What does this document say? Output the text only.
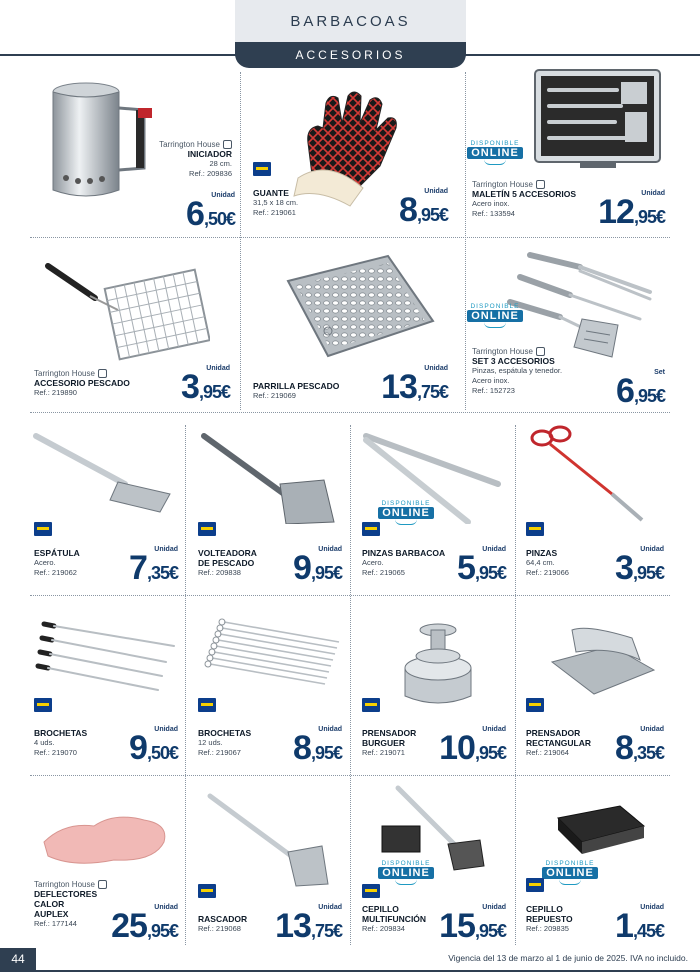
BARBACOAS
ACCESORIOS
Tarrington House
INICIADOR
28 cm.
Ref.: 209836
Unidad
6,50€
GUANTE
31,5 x 18 cm.
Ref.: 219061
Unidad
8,95€
DISPONIBLE
ONLINE
Tarrington House
MALETÍN 5 ACCESORIOS
Acero inox.
Ref.: 133594
Unidad
12,95€
Tarrington House
ACCESORIO PESCADO
Ref.: 219890
Unidad
3,95€	PARRILLA PESCADO
Ref.: 219069
Unidad
13,75€
DISPONIBLE
ONLINE
Tarrington House
SET 3 ACCESORIOS
Pinzas, espátula y tenedor.
Acero inox.
Ref.: 152723
Set
6,95€
ESPÁTULA
Acero.
Ref.: 219062
Unidad
7,35€
VOLTEADORA
DE PESCADO
Ref.: 209838
Unidad
9,95€
DISPONIBLE
ONLINE
PINZAS BARBACOA
Acero.
Ref.: 219065
Unidad
5,95€
PINZAS
64,4 cm.
Ref.: 219066
Unidad
3,95€
BROCHETAS
4 uds.
Ref.: 219070
Unidad
9,50€
BROCHETAS
12 uds.
Ref.: 219067
Unidad
8,95€
PRENSADOR
BURGUER
Ref.: 219071
Unidad
10,95€
PRENSADOR
RECTANGULAR
Ref.: 219064
Unidad
8,35€
Tarrington House
DEFLECTORES
CALOR
AUPLEX
Ref.: 177144
Unidad
25,95€
RASCADOR
Ref.: 219068
Unidad
13,75€
DISPONIBLE
ONLINE
CEPILLO
MULTIFUNCIÓN
Ref.: 209834
Unidad
15,95€
DISPONIBLE
ONLINE
CEPILLO
REPUESTO
Ref.: 209835
Unidad
1,45€
44	Vigencia del 13 de marzo al 1 de junio de 2025. IVA no incluido.
